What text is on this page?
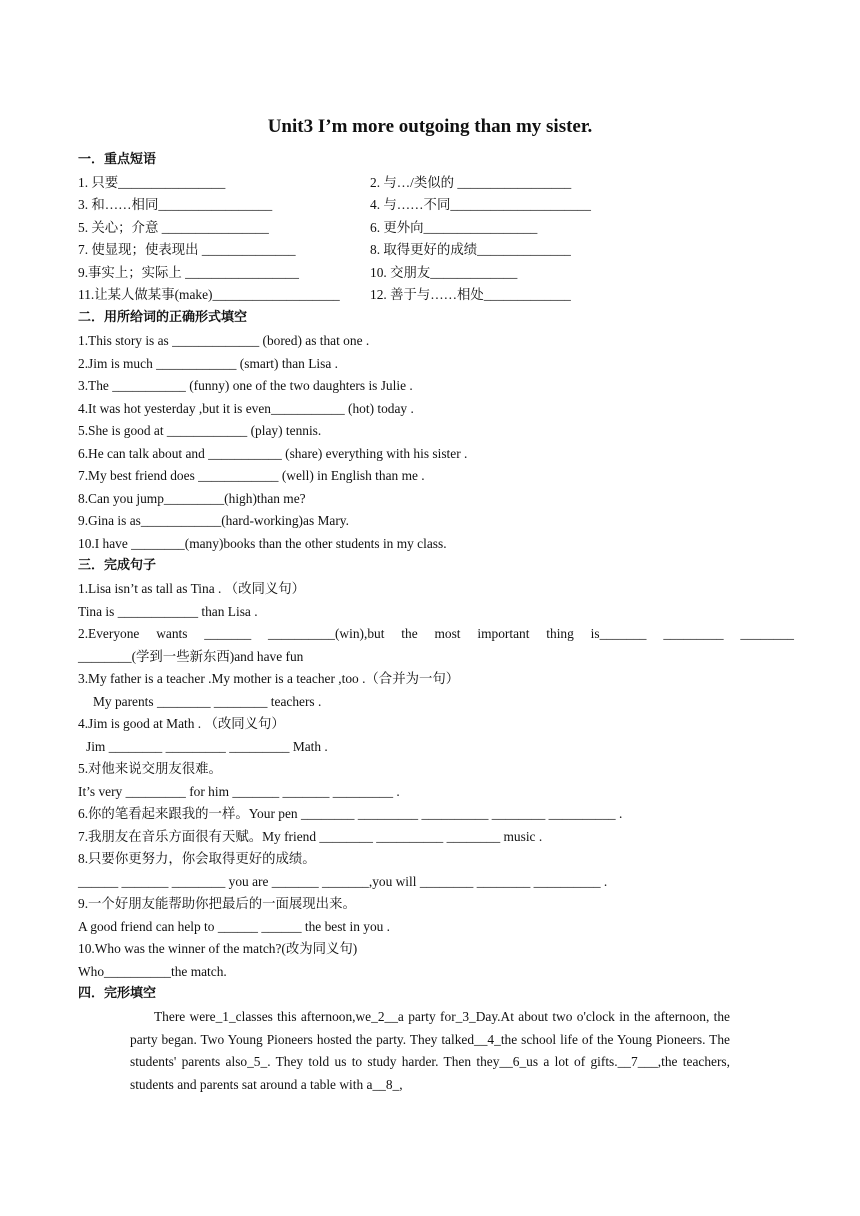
Unit3 I’m more outgoing than my sister.
一．重点短语
1. 只要________________	2. 与…/类似的 _________________
3. 和……相同_________________	4. 与……不同_____________________
5. 关心；介意 ________________	6. 更外向_________________
7. 使显现；使表现出 ______________	8. 取得更好的成绩______________
9.事实上；实际上 _________________	10. 交朋友_____________
11.让某人做某事(make)___________________ 12. 善于与……相处_____________
二．用所给词的正确形式填空
1.This story is as _____________ (bored) as that one .
2.Jim is much ____________ (smart) than Lisa .
3.The ___________ (funny) one of the two daughters is Julie .
4.It was hot yesterday ,but it is even___________ (hot) today .
5.She is good at ____________ (play) tennis.
6.He can talk about and ___________ (share) everything with his sister .
7.My best friend does ____________ (well) in English than me .
8.Can you jump_________(high)than me?
9.Gina is as____________(hard-working)as Mary.
10.I have ________(many)books than the other students in my class.
三．完成句子
1.Lisa isn’t as tall as Tina . （改同义句）
Tina is ____________ than Lisa .
2.Everyone wants _______ __________(win),but the most important thing is_______ _________ ________
________(学到一些新东西)and have fun
3.My father is a teacher .My mother is a teacher ,too .（合并为一句）
My parents ________ ________ teachers .
4.Jim is good at Math . （改同义句）
Jim ________ _________ _________ Math .
5.对他来说交朋友很难。
It’s very _________ for him _______ _______ _________ .
6.你的笔看起来跟我的一样。Your pen ________ _________ __________ ________ __________ .
7.我朋友在音乐方面很有天赋。My friend ________ __________ ________ music .
8.只要你更努力，你会取得更好的成绩。
______ _______ ________ you are _______ _______,you will ________ ________ __________ .
9.一个好朋友能帮助你把最后的一面展现出来。
A good friend can help to ______ ______ the best in you .
10.Who was the winner of the match?(改为同义句)
Who__________the match.
四．完形填空
There were_1_classes this afternoon,we_2__a party for_3_Day.At about two o'clock in the afternoon, the party began. Two Young Pioneers hosted the party. They talked__4_the school life of the Young Pioneers. The students' parents also_5_. They told us to study harder. Then they__6_us a lot of gifts.__7___,the teachers, students and parents sat around a table with a__8_,
